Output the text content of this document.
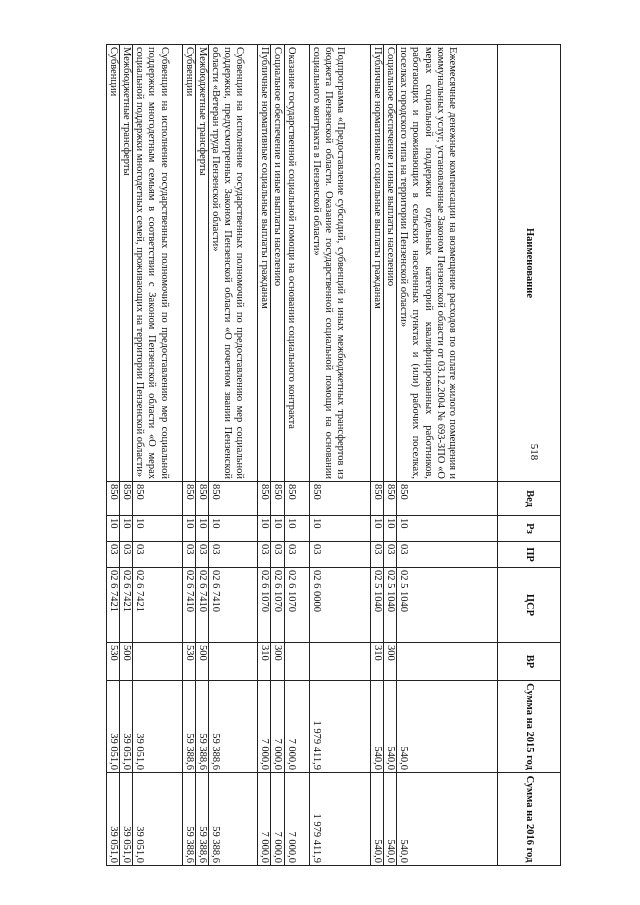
518
Наименование	Вед	Рз	ПР	ЦСР	ВР	Сумма на 2015 год	Сумма на 2016 год
Ежемесячные денежные компенсации на возмещение расходов по оплате жилого помещения и коммунальных услуг, установленные Законом Пензенской области от 03.12.2004 № 693-ЗПО «О мерах социальной поддержки отдельных категорий квалифицированных работников, работающих и проживающих в сельских населенных пунктах и (или) рабочих поселках, поселках городского типа на территории Пензенской области»	850	10	03	02 5 1040		540,0	540,0
Социальное обеспечение и иные выплаты населению	850	10	03	02 5 1040	300	540,0	540,0
Публичные нормативные социальные выплаты гражданам	850	10	03	02 5 1040	310	540,0	540,0
Подпрограмма «Предоставление субсидий, субвенций и иных межбюджетных трансфертов из бюджета Пензенской области. Оказание государственной социальной помощи на основании социального контракта в Пензенской области»	850	10	03	02 6 0000		1 979 411,9	1 979 411,9
Оказание государственной социальной помощи на основании социального контракта	850	10	03	02 6 1070		7 000,0	7 000,0
Социальное обеспечение и иные выплаты населению	850	10	03	02 6 1070	300	7 000,0	7 000,0
Публичные нормативные социальные выплаты гражданам	850	10	03	02 6 1070	310	7 000,0	7 000,0
Субвенции на исполнение государственных полномочий по предоставлению мер социальной поддержки, предусмотренных Законом Пензенской области «О почетном звании Пензенской области «Ветеран труда Пензенской области»	850	10	03	02 6 7410		59 388,6	59 388,6
Межбюджетные трансферты	850	10	03	02 6 7410	500	59 388,6	59 388,6
Субвенции	850	10	03	02 6 7410	530	59 388,6	59 388,6
Субвенции на исполнение государственных полномочий по предоставлению мер социальной поддержки многодетным семьям в соответствии с Законом Пензенской области «О мерах социальной поддержки многодетных семей, проживающих на территории Пензенской области»	850	10	03	02 6 7421		39 051,0	39 051,0
Межбюджетные трансферты	850	10	03	02 6 7421	500	39 051,0	39 051,0
Субвенции	850	10	03	02 6 7421	530	39 051,0	39 051,0
